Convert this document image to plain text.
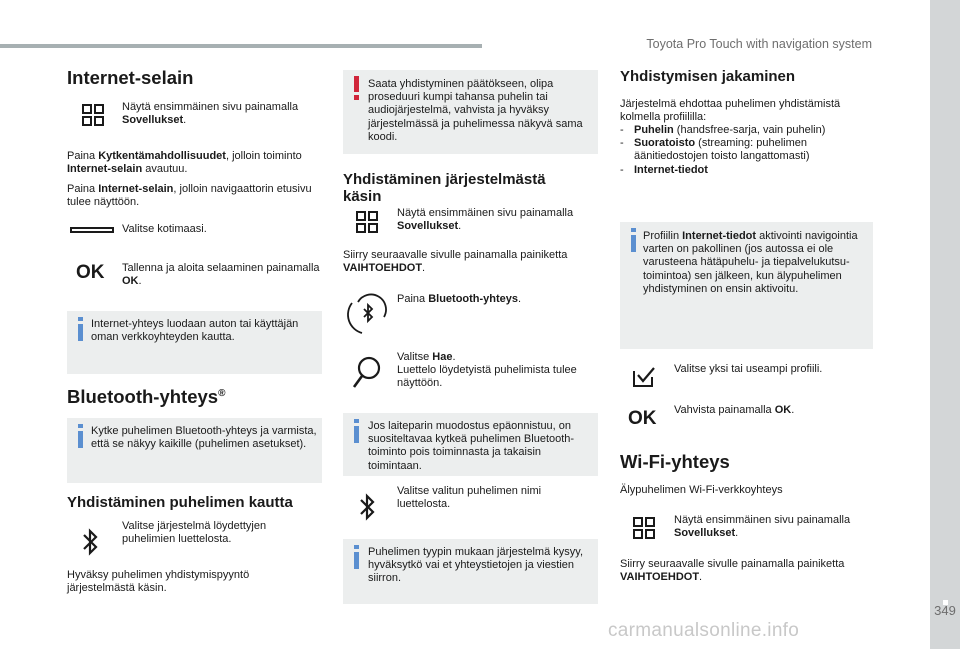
Toyota Pro Touch with navigation system
349
carmanualsonline.info
Internet-selain
Näytä ensimmäinen sivu painamalla Sovellukset.
Paina Kytkentämahdollisuudet, jolloin toiminto Internet-selain avautuu.
Paina Internet-selain, jolloin navigaattorin etusivu tulee näyttöön.
Valitse kotimaasi.
OK Tallenna ja aloita selaaminen painamalla OK.
Internet-yhteys luodaan auton tai käyttäjän oman verkkoyhteyden kautta.
Bluetooth-yhteys®
Kytke puhelimen Bluetooth-yhteys ja varmista, että se näkyy kaikille (puhelimen asetukset).
Yhdistäminen puhelimen kautta
Valitse järjestelmä löydettyjen puhelimien luettelosta.
Hyväksy puhelimen yhdistymispyyntö järjestelmästä käsin.
Saata yhdistyminen päätökseen, olipa proseduuri kumpi tahansa puhelin tai audiojärjestelmä, vahvista ja hyväksy järjestelmässä ja puhelimessa näkyvä sama koodi.
Yhdistäminen järjestelmästä
käsin
Näytä ensimmäinen sivu painamalla Sovellukset.
Siirry seuraavalle sivulle painamalla painiketta VAIHTOEHDOT.
Paina Bluetooth-yhteys.
Valitse Hae.
Luettelo löydetyistä puhelimista tulee näyttöön.
Jos laiteparin muodostus epäonnistuu, on suositeltavaa kytkeä puhelimen Bluetooth-toiminto pois toiminnasta ja takaisin toimintaan.
Valitse valitun puhelimen nimi luettelosta.
Puhelimen tyypin mukaan järjestelmä kysyy, hyväksytkö vai et yhteystietojen ja viestien siirron.
Yhdistymisen jakaminen
Järjestelmä ehdottaa puhelimen yhdistämistä kolmella profiililla:
- Puhelin (handsfree-sarja, vain puhelin)
- Suoratoisto (streaming: puhelimen äänitiedostojen toisto langattomasti)
- Internet-tiedot
Profiilin Internet-tiedot aktivointi navigointia varten on pakollinen (jos autossa ei ole varusteena hätäpuhelu- ja tiepalvelukutsu-toimintoa) sen jälkeen, kun älypuhelimen yhdistyminen on ensin aktivoitu.
Valitse yksi tai useampi profiili.
OK Vahvista painamalla OK.
Wi-Fi-yhteys
Älypuhelimen Wi-Fi-verkkoyhteys
Näytä ensimmäinen sivu painamalla Sovellukset.
Siirry seuraavalle sivulle painamalla painiketta VAIHTOEHDOT.
